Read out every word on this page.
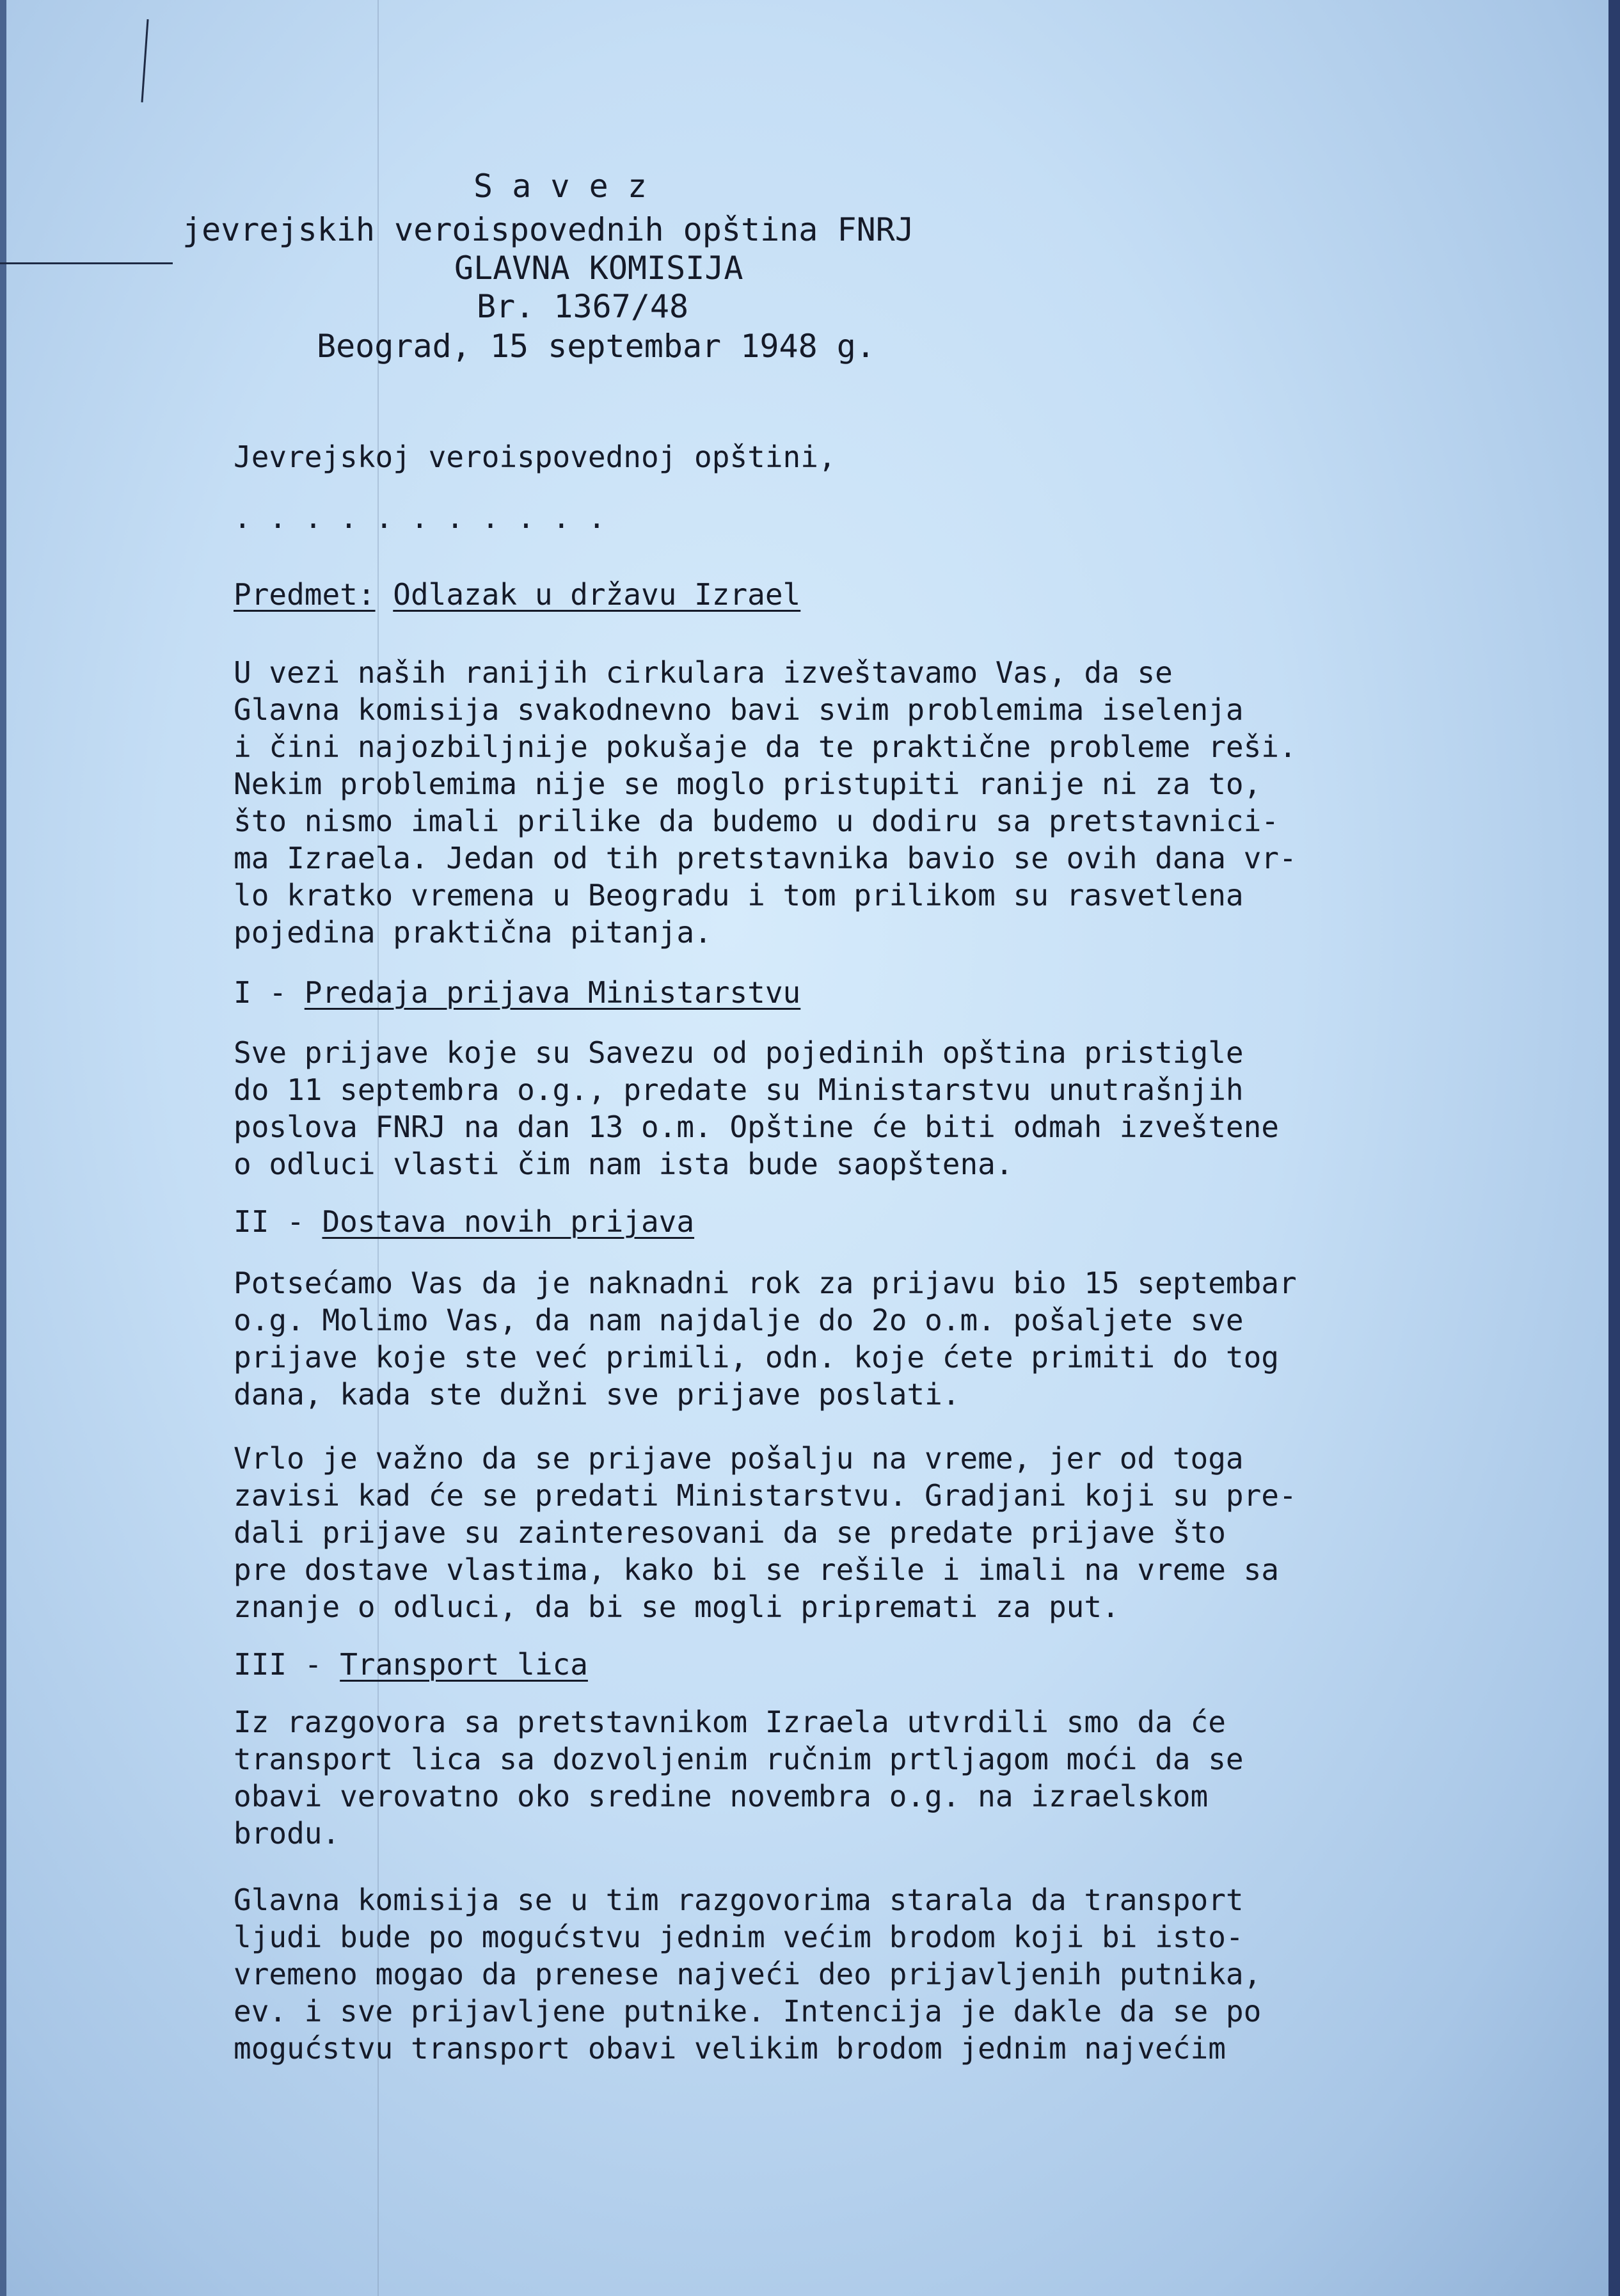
S a v e z
jevrejskih veroispovednih opština FNRJ
GLAVNA KOMISIJA
Br. 1367/48
Beograd, 15 septembar 1948 g.
Jevrejskoj veroispovednoj opštini,
. . . . . . . . . . .
Predmet: Odlazak u državu Izrael
U vezi naših ranijih cirkulara izveštavamo Vas, da se
Glavna komisija svakodnevno bavi svim problemima iselenja
i čini najozbiljnije pokušaje da te praktične probleme reši.
Nekim problemima nije se moglo pristupiti ranije ni za to,
što nismo imali prilike da budemo u dodiru sa pretstavnici-
ma Izraela. Jedan od tih pretstavnika bavio se ovih dana vr-
lo kratko vremena u Beogradu i tom prilikom su rasvetlena
pojedina praktična pitanja.
I - Predaja prijava Ministarstvu
Sve prijave koje su Savezu od pojedinih opština pristigle
do 11 septembra o.g., predate su Ministarstvu unutrašnjih
poslova FNRJ na dan 13 o.m. Opštine će biti odmah izveštene
o odluci vlasti čim nam ista bude saopštena.
II - Dostava novih prijava
Potsećamo Vas da je naknadni rok za prijavu bio 15 septembar
o.g. Molimo Vas, da nam najdalje do 2o o.m. pošaljete sve
prijave koje ste već primili, odn. koje ćete primiti do tog
dana, kada ste dužni sve prijave poslati.
Vrlo je važno da se prijave pošalju na vreme, jer od toga
zavisi kad će se predati Ministarstvu. Gradjani koji su pre-
dali prijave su zainteresovani da se predate prijave što
pre dostave vlastima, kako bi se rešile i imali na vreme sa
znanje o odluci, da bi se mogli pripremati za put.
III - Transport lica
Iz razgovora sa pretstavnikom Izraela utvrdili smo da će
transport lica sa dozvoljenim ručnim prtljagom moći da se
obavi verovatno oko sredine novembra o.g. na izraelskom
brodu.
Glavna komisija se u tim razgovorima starala da transport
ljudi bude po mogućstvu jednim većim brodom koji bi isto-
vremeno mogao da prenese najveći deo prijavljenih putnika,
ev. i sve prijavljene putnike. Intencija je dakle da se po
mogućstvu transport obavi velikim brodom jednim najvećim
